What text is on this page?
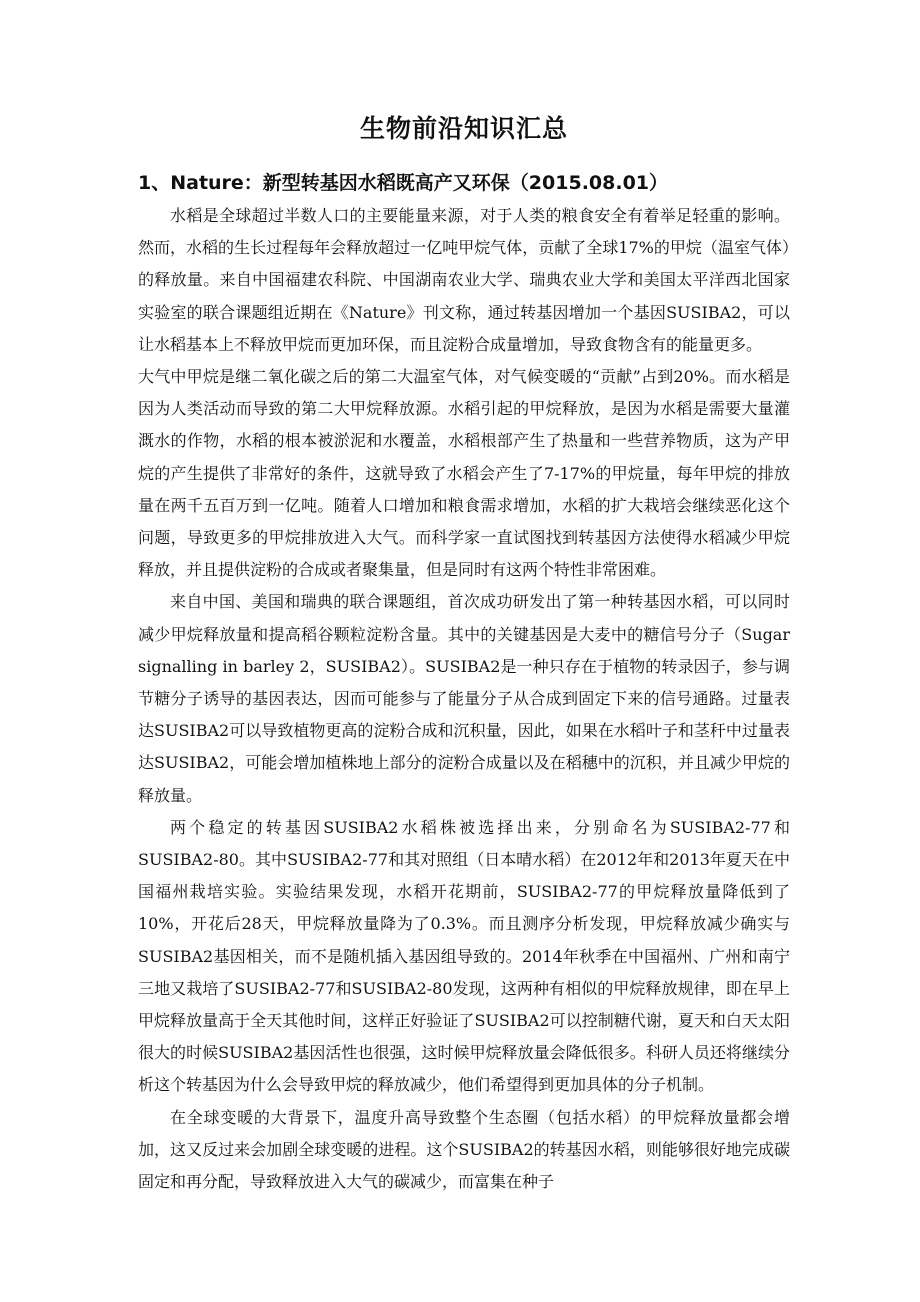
生物前沿知识汇总
1、Nature：新型转基因水稻既高产又环保（2015.08.01）

水稻是全球超过半数人口的主要能量来源，对于人类的粮食安全有着举足轻重的影响。然而，水稻的生长过程每年会释放超过一亿吨甲烷气体，贡献了全球17%的甲烷（温室气体）的释放量。来自中国福建农科院、中国湖南农业大学、瑞典农业大学和美国太平洋西北国家实验室的联合课题组近期在《Nature》刊文称，通过转基因增加一个基因SUSIBA2，可以让水稻基本上不释放甲烷而更加环保，而且淀粉合成量增加，导致食物含有的能量更多。

大气中甲烷是继二氧化碳之后的第二大温室气体，对气候变暖的“贡献”占到20%。而水稻是因为人类活动而导致的第二大甲烷释放源。水稻引起的甲烷释放，是因为水稻是需要大量灌溉水的作物，水稻的根本被淤泥和水覆盖，水稻根部产生了热量和一些营养物质，这为产甲烷的产生提供了非常好的条件，这就导致了水稻会产生了7-17%的甲烷量，每年甲烷的排放量在两千五百万到一亿吨。随着人口增加和粮食需求增加，水稻的扩大栽培会继续恶化这个问题，导致更多的甲烷排放进入大气。而科学家一直试图找到转基因方法使得水稻减少甲烷释放，并且提供淀粉的合成或者聚集量，但是同时有这两个特性非常困难。

来自中国、美国和瑞典的联合课题组，首次成功研发出了第一种转基因水稻，可以同时减少甲烷释放量和提高稻谷颗粒淀粉含量。其中的关键基因是大麦中的糖信号分子（Sugar signalling in barley 2，SUSIBA2）。SUSIBA2是一种只存在于植物的转录因子，参与调节糖分子诱导的基因表达，因而可能参与了能量分子从合成到固定下来的信号通路。过量表达SUSIBA2可以导致植物更高的淀粉合成和沉积量，因此，如果在水稻叶子和茎秆中过量表达SUSIBA2，可能会增加植株地上部分的淀粉合成量以及在稻穗中的沉积，并且减少甲烷的释放量。

两个稳定的转基因SUSIBA2水稻株被选择出来，分别命名为SUSIBA2-77和SUSIBA2-80。其中SUSIBA2-77和其对照组（日本晴水稻）在2012年和2013年夏天在中国福州栽培实验。实验结果发现，水稻开花期前，SUSIBA2-77的甲烷释放量降低到了10%，开花后28天，甲烷释放量降为了0.3%。而且测序分析发现，甲烷释放减少确实与SUSIBA2基因相关，而不是随机插入基因组导致的。2014年秋季在中国福州、广州和南宁三地又栽培了SUSIBA2-77和SUSIBA2-80发现，这两种有相似的甲烷释放规律，即在早上甲烷释放量高于全天其他时间，这样正好验证了SUSIBA2可以控制糖代谢，夏天和白天太阳很大的时候SUSIBA2基因活性也很强，这时候甲烷释放量会降低很多。科研人员还将继续分析这个转基因为什么会导致甲烷的释放减少，他们希望得到更加具体的分子机制。

在全球变暖的大背景下，温度升高导致整个生态圈（包括水稻）的甲烷释放量都会增加，这又反过来会加剧全球变暖的进程。这个SUSIBA2的转基因水稻，则能够很好地完成碳固定和再分配，导致释放进入大气的碳减少，而富集在种子
